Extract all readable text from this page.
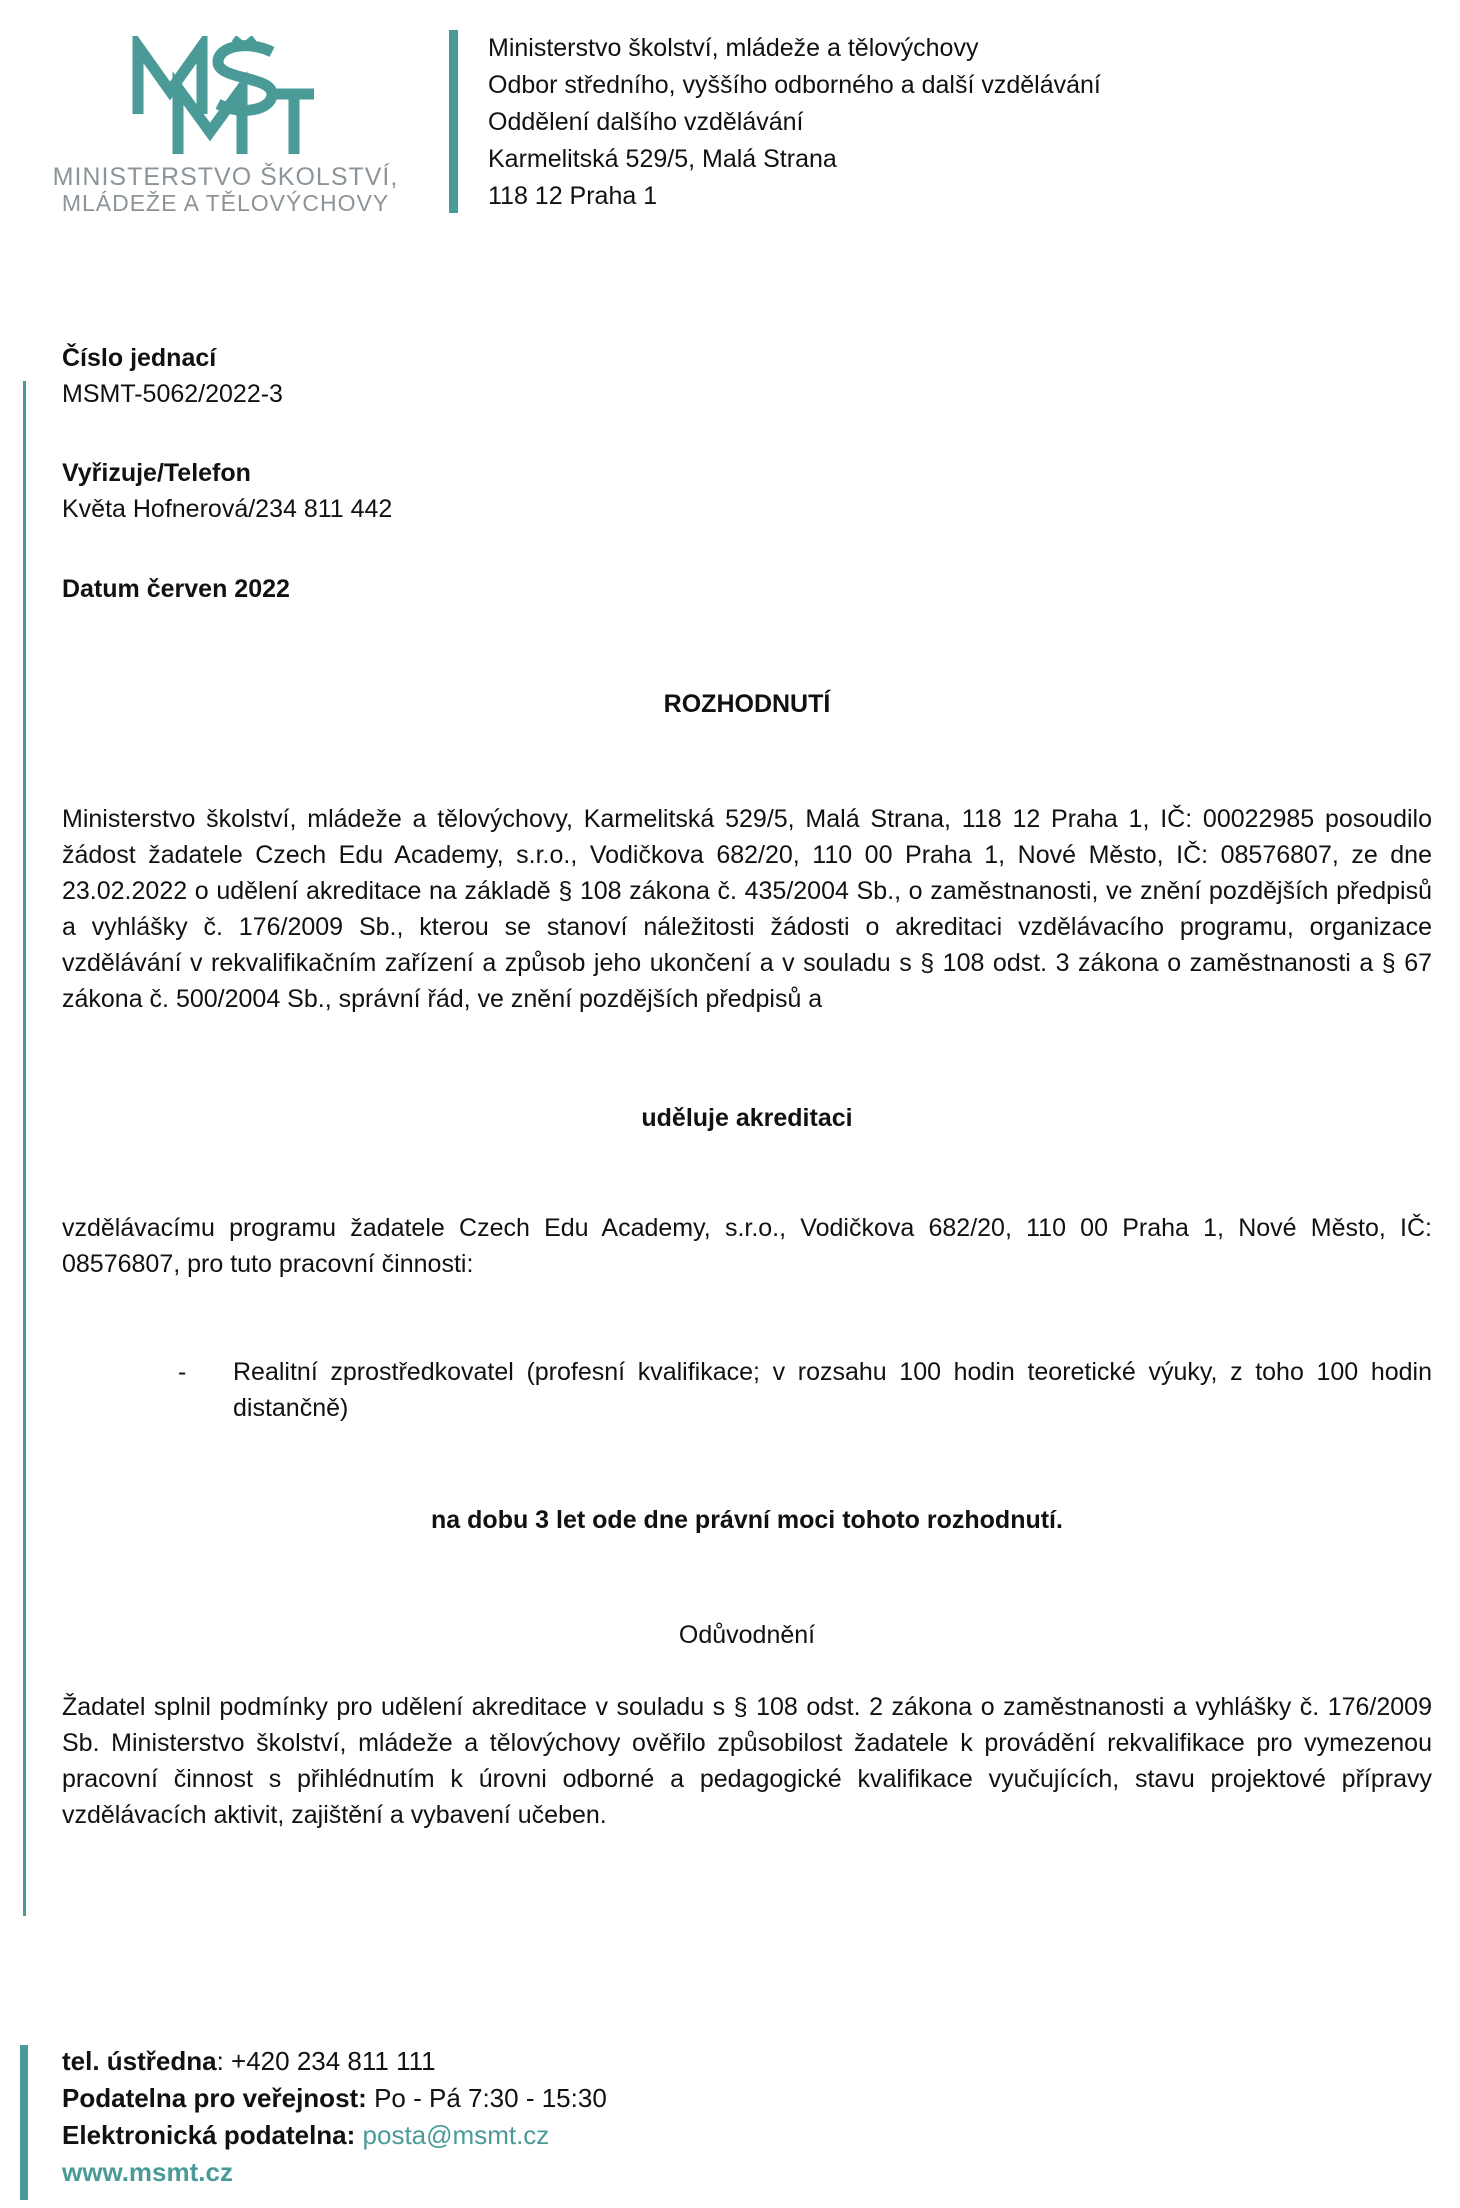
MINISTERSTVO ŠKOLSTVÍ,
MLÁDEŽE A TĚLOVÝCHOVY
Ministerstvo školství, mládeže a tělovýchovy
Odbor středního, vyššího odborného a další vzdělávání
Oddělení dalšího vzdělávání
Karmelitská 529/5, Malá Strana
118 12 Praha 1
Číslo jednací
MSMT-5062/2022-3
Vyřizuje/Telefon
Květa Hofnerová/234 811 442
Datum červen 2022
ROZHODNUTÍ
Ministerstvo školství, mládeže a tělovýchovy, Karmelitská 529/5, Malá Strana, 118 12 Praha 1, IČ: 00022985 posoudilo žádost žadatele Czech Edu Academy, s.r.o., Vodičkova 682/20, 110 00 Praha 1, Nové Město, IČ: 08576807, ze dne 23.02.2022 o udělení akreditace na základě § 108 zákona č. 435/2004 Sb., o zaměstnanosti, ve znění pozdějších předpisů a vyhlášky č. 176/2009 Sb., kterou se stanoví náležitosti žádosti o akreditaci vzdělávacího programu, organizace vzdělávání v rekvalifikačním zařízení a způsob jeho ukončení a v souladu s § 108 odst. 3 zákona o zaměstnanosti a § 67 zákona č. 500/2004 Sb., správní řád, ve znění pozdějších předpisů a
uděluje akreditaci
vzdělávacímu programu žadatele Czech Edu Academy, s.r.o., Vodičkova 682/20, 110 00 Praha 1, Nové Město, IČ: 08576807, pro tuto pracovní činnosti:
- Realitní zprostředkovatel (profesní kvalifikace; v rozsahu 100 hodin teoretické výuky, z toho 100 hodin distančně)
na dobu 3 let ode dne právní moci tohoto rozhodnutí.
Odůvodnění
Žadatel splnil podmínky pro udělení akreditace v souladu s § 108 odst. 2 zákona o zaměstnanosti a vyhlášky č. 176/2009 Sb. Ministerstvo školství, mládeže a tělovýchovy ověřilo způsobilost žadatele k provádění rekvalifikace pro vymezenou pracovní činnost s přihlédnutím k úrovni odborné a pedagogické kvalifikace vyučujících, stavu projektové přípravy vzdělávacích aktivit, zajištění a vybavení učeben.
tel. ústředna: +420 234 811 111
Podatelna pro veřejnost: Po - Pá 7:30 - 15:30
Elektronická podatelna: posta@msmt.cz
www.msmt.cz
